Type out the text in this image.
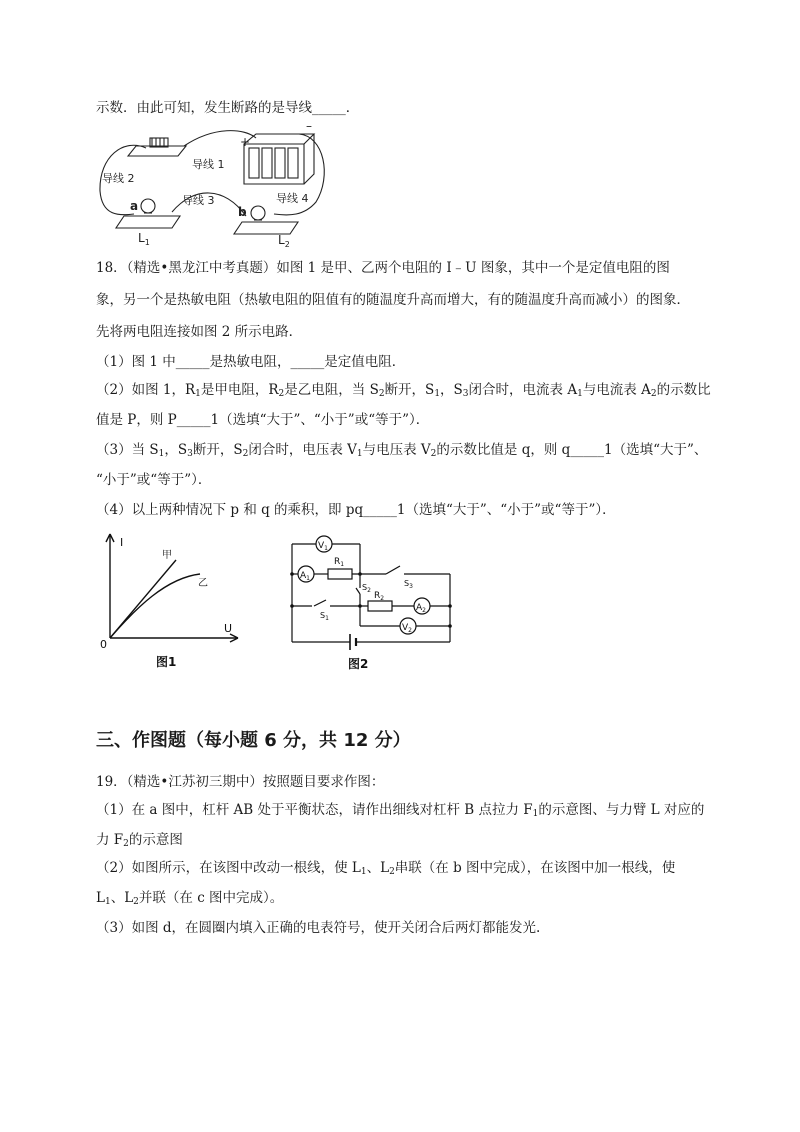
示数．由此可知，发生断路的是导线_____．
+
–
导线 1
导线 2
导线 3	导线 4
a	b
$L_1$	$L_2$
18．（精选•黑龙江中考真题）如图 1 是甲、乙两个电阻的 I﹣U 图象，其中一个是定值电阻的图
象，另一个是热敏电阻（热敏电阻的阻值有的随温度升高而增大，有的随温度升高而减小）的图象．
先将两电阻连接如图 2 所示电路．
（1）图 1 中_____是热敏电阻，_____是定值电阻．
（2）如图 1，$R_1$是甲电阻，$R_2$是乙电阻，当 $S_2$断开，$S_1$，$S_3$闭合时，电流表 $A_1$与电流表 $A_2$的示数比
值是 P，则 P_____1（选填“大于”、“小于”或“等于”）．
（3）当 $S_1$，$S_3$断开，$S_2$闭合时，电压表 $V_1$与电压表 $V_2$的示数比值是 q，则 q_____1（选填“大于”、
“小于”或“等于”）．
（4）以上两种情况下 p 和 q 的乘积，即 pq_____1（选填“大于”、“小于”或“等于”）．
I
U
0
甲
乙
图1
$V_1$
$A_1$
$R_1$
$S_3$
$S_2$
$S_1$
$R_2$
$A_2$
$V_2$
图2
三、作图题（每小题 6 分，共 12 分）
19．（精选•江苏初三期中）按照题目要求作图：
（1）在 a 图中，杠杆 AB 处于平衡状态，请作出细线对杠杆 B 点拉力 $F_1$的示意图、与力臂 L 对应的
力 $F_2$的示意图
（2）如图所示，在该图中改动一根线，使 $L_1$、$L_2$串联（在 b 图中完成），在该图中加一根线，使
$L_1$、$L_2$并联（在 c 图中完成）。
（3）如图 d，在圆圈内填入正确的电表符号，使开关闭合后两灯都能发光.
